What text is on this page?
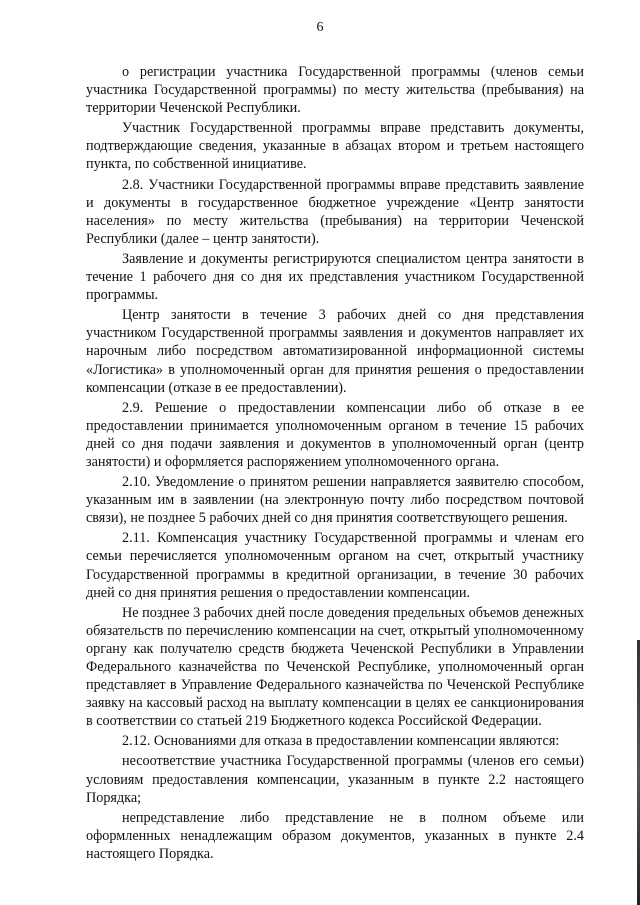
6

о регистрации участника Государственной программы (членов семьи участника Государственной программы) по месту жительства (пребывания) на территории Чеченской Республики.

Участник Государственной программы вправе представить документы, подтверждающие сведения, указанные в абзацах втором и третьем настоящего пункта, по собственной инициативе.

2.8. Участники Государственной программы вправе представить заявление и документы в государственное бюджетное учреждение «Центр занятости населения» по месту жительства (пребывания) на территории Чеченской Республики (далее – центр занятости).

Заявление и документы регистрируются специалистом центра занятости в течение 1 рабочего дня со дня их представления участником Государственной программы.

Центр занятости в течение 3 рабочих дней со дня представления участником Государственной программы заявления и документов направляет их нарочным либо посредством автоматизированной информационной системы «Логистика» в уполномоченный орган для принятия решения о предоставлении компенсации (отказе в ее предоставлении).

2.9. Решение о предоставлении компенсации либо об отказе в ее предоставлении принимается уполномоченным органом в течение 15 рабочих дней со дня подачи заявления и документов в уполномоченный орган (центр занятости) и оформляется распоряжением уполномоченного органа.

2.10. Уведомление о принятом решении направляется заявителю способом, указанным им в заявлении (на электронную почту либо посредством почтовой связи), не позднее 5 рабочих дней со дня принятия соответствующего решения.

2.11. Компенсация участнику Государственной программы и членам его семьи перечисляется уполномоченным органом на счет, открытый участнику Государственной программы в кредитной организации, в течение 30 рабочих дней со дня принятия решения о предоставлении компенсации.

Не позднее 3 рабочих дней после доведения предельных объемов денежных обязательств по перечислению компенсации на счет, открытый уполномоченному органу как получателю средств бюджета Чеченской Республики в Управлении Федерального казначейства по Чеченской Республике, уполномоченный орган представляет в Управление Федерального казначейства по Чеченской Республике заявку на кассовый расход на выплату компенсации в целях ее санкционирования в соответствии со статьей 219 Бюджетного кодекса Российской Федерации.

2.12. Основаниями для отказа в предоставлении компенсации являются:

несоответствие участника Государственной программы (членов его семьи) условиям предоставления компенсации, указанным в пункте 2.2 настоящего Порядка;

непредставление либо представление не в полном объеме или оформленных ненадлежащим образом документов, указанных в пункте 2.4 настоящего Порядка.
